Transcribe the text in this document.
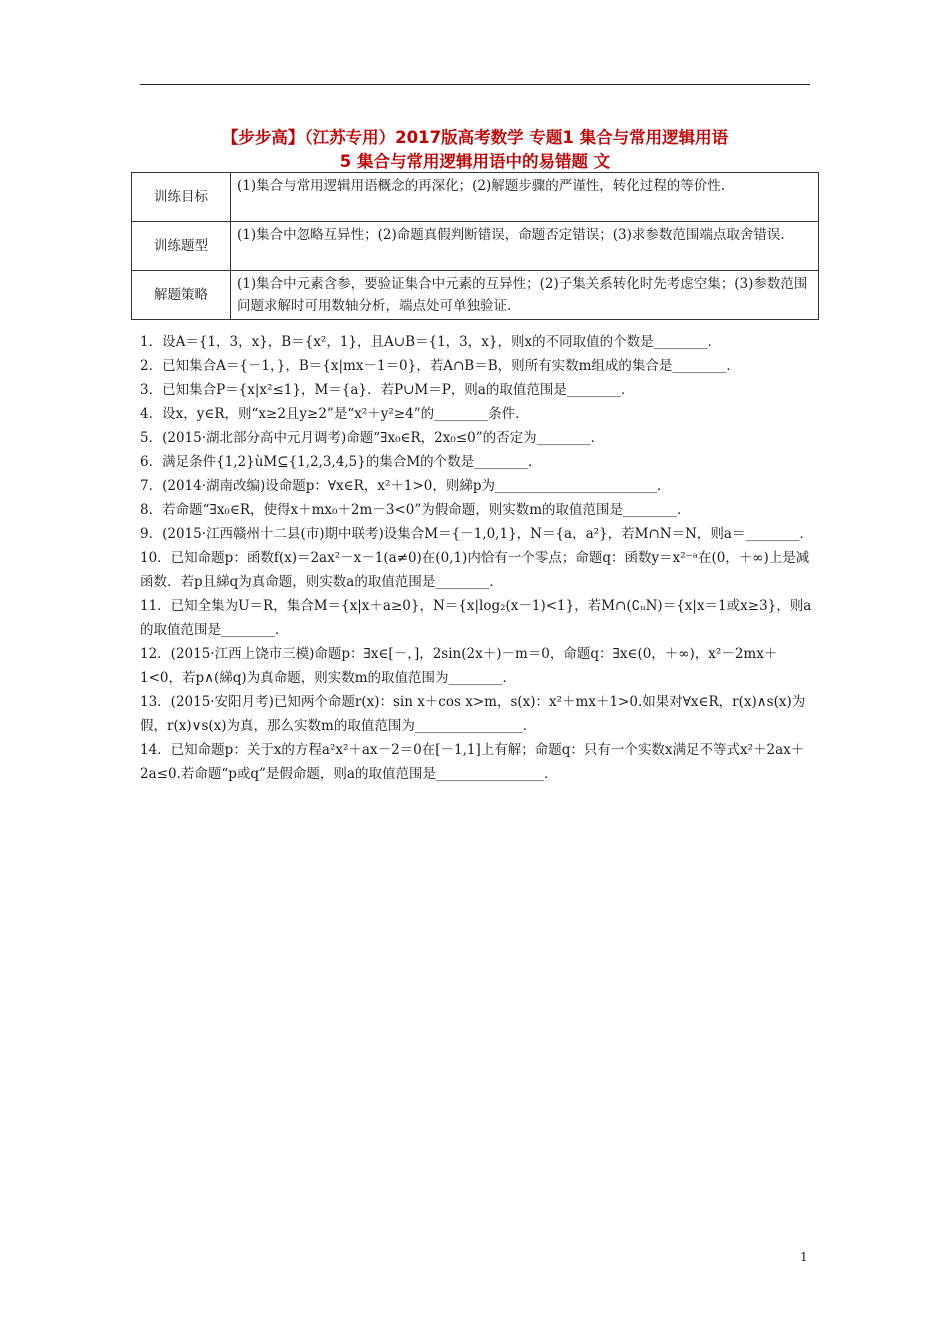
【步步高】（江苏专用）2017版高考数学 专题1 集合与常用逻辑用语
5 集合与常用逻辑用语中的易错题 文
训练目标	(1)集合与常用逻辑用语概念的再深化；(2)解题步骤的严谨性，转化过程的等价性.
训练题型	(1)集合中忽略互异性；(2)命题真假判断错误，命题否定错误；(3)求参数范围端点取舍错误.
解题策略	(1)集合中元素含参，要验证集合中元素的互异性；(2)子集关系转化时先考虑空集；(3)参数范围问题求解时可用数轴分析，端点处可单独验证.

1．设A＝{1，3，x}，B＝{x²，1}，且A∪B＝{1，3，x}，则x的不同取值的个数是________．

2．已知集合A＝{－1，}，B＝{x|mx－1＝0}，若A∩B＝B，则所有实数m组成的集合是________．

3．已知集合P＝{x|x²≤1}，M＝{a}．若P∪M＝P，则a的取值范围是________．

4．设x，y∈R，则“x≥2且y≥2”是“x²＋y²≥4”的________条件．

5．(2015·湖北部分高中元月调考)命题“∃x₀∈R，2x₀≤0”的否定为________．

6．满足条件{1,2}ùM⊆{1,2,3,4,5}的集合M的个数是________．

7．(2014·湖南改编)设命题p：∀x∈R，x²＋1>0，则綈p为________________________．

8．若命题“∃x₀∈R，使得x＋mx₀＋2m－3<0”为假命题，则实数m的取值范围是________．

9．(2015·江西赣州十二县(市)期中联考)设集合M＝{－1,0,1}，N＝{a，a²}，若M∩N＝N，则a＝________．

10．已知命题p：函数f(x)＝2ax²－x－1(a≠0)在(0,1)内恰有一个零点；命题q：函数y＝x²⁻ᵃ在(0，＋∞)上是减函数．若p且綈q为真命题，则实数a的取值范围是________．

11．已知全集为U＝R，集合M＝{x|x＋a≥0}，N＝{x|log₂(x－1)<1}，若M∩(∁ᵤN)＝{x|x＝1或x≥3}，则a的取值范围是________．

12．(2015·江西上饶市三模)命题p：∃x∈[－，]，2sin(2x＋)－m＝0，命题q：∃x∈(0，＋∞)，x²－2mx＋1<0，若p∧(綈q)为真命题，则实数m的取值范围为________．

13．(2015·安阳月考)已知两个命题r(x)：sin x＋cos x>m，s(x)：x²＋mx＋1>0.如果对∀x∈R，r(x)∧s(x)为假，r(x)∨s(x)为真，那么实数m的取值范围为________________．

14．已知命题p：关于x的方程a²x²＋ax－2＝0在[－1,1]上有解；命题q：只有一个实数x满足不等式x²＋2ax＋2a≤0.若命题“p或q”是假命题，则a的取值范围是________________．

1
